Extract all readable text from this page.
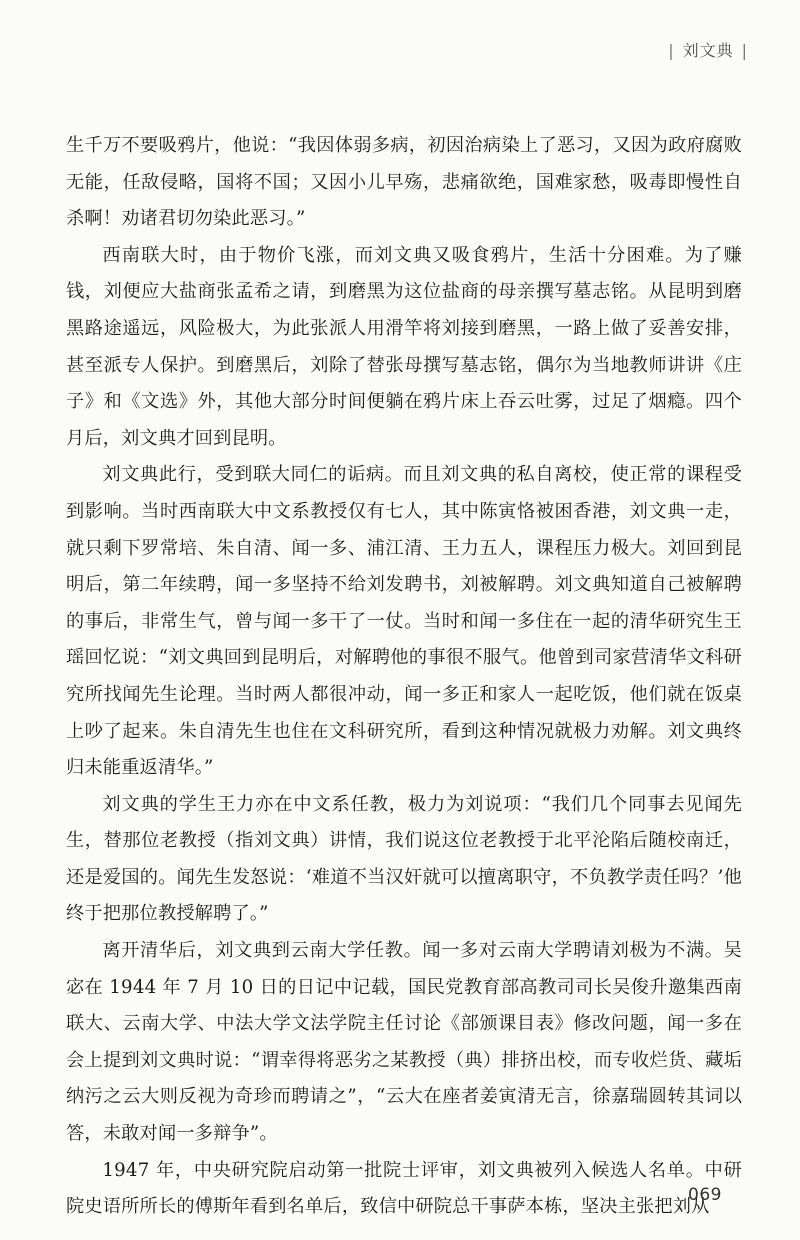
| 刘文典 |

生千万不要吸鸦片，他说：“我因体弱多病，初因治病染上了恶习，又因为政府腐败无能，任敌侵略，国将不国；又因小儿早殇，悲痛欲绝，国难家愁，吸毒即慢性自杀啊！劝诸君切勿染此恶习。”

西南联大时，由于物价飞涨，而刘文典又吸食鸦片，生活十分困难。为了赚钱，刘便应大盐商张孟希之请，到磨黑为这位盐商的母亲撰写墓志铭。从昆明到磨黑路途遥远，风险极大，为此张派人用滑竿将刘接到磨黑，一路上做了妥善安排，甚至派专人保护。到磨黑后，刘除了替张母撰写墓志铭，偶尔为当地教师讲讲《庄子》和《文选》外，其他大部分时间便躺在鸦片床上吞云吐雾，过足了烟瘾。四个月后，刘文典才回到昆明。

刘文典此行，受到联大同仁的诟病。而且刘文典的私自离校，使正常的课程受到影响。当时西南联大中文系教授仅有七人，其中陈寅恪被困香港，刘文典一走，就只剩下罗常培、朱自清、闻一多、浦江清、王力五人，课程压力极大。刘回到昆明后，第二年续聘，闻一多坚持不给刘发聘书，刘被解聘。刘文典知道自己被解聘的事后，非常生气，曾与闻一多干了一仗。当时和闻一多住在一起的清华研究生王瑶回忆说：“刘文典回到昆明后，对解聘他的事很不服气。他曾到司家营清华文科研究所找闻先生论理。当时两人都很冲动，闻一多正和家人一起吃饭，他们就在饭桌上吵了起来。朱自清先生也住在文科研究所，看到这种情况就极力劝解。刘文典终归未能重返清华。”

刘文典的学生王力亦在中文系任教，极力为刘说项：“我们几个同事去见闻先生，替那位老教授（指刘文典）讲情，我们说这位老教授于北平沦陷后随校南迁，还是爱国的。闻先生发怒说：‘难道不当汉奸就可以擅离职守，不负教学责任吗？’他终于把那位教授解聘了。”

离开清华后，刘文典到云南大学任教。闻一多对云南大学聘请刘极为不满。吴宓在 1944 年 7 月 10 日的日记中记载，国民党教育部高教司司长吴俊升邀集西南联大、云南大学、中法大学文法学院主任讨论《部颁课目表》修改问题，闻一多在会上提到刘文典时说：“谓幸得将恶劣之某教授（典）排挤出校，而专收烂货、藏垢纳污之云大则反视为奇珍而聘请之”，“云大在座者姜寅清无言，徐嘉瑞圆转其词以答，未敢对闻一多辩争”。

1947 年，中央研究院启动第一批院士评审，刘文典被列入候选人名单。中研院史语所所长的傅斯年看到名单后，致信中研院总干事萨本栋，坚决主张把刘从

069
